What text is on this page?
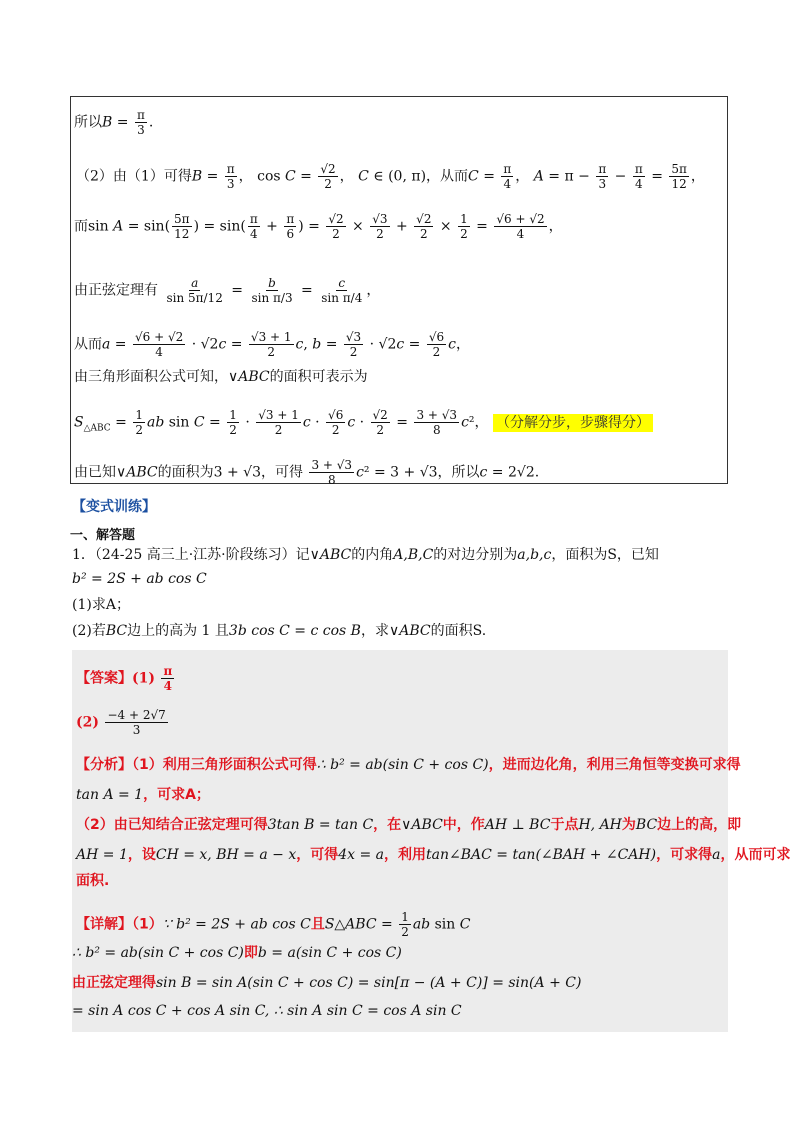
所以$B = \frac{\pi}{3}$ .
（2）由（1）可得$B = \frac{\pi}{3}$ ， $\cos C = \frac{√2}{2}$ ， C ∈ (0, π)，从而$C = \frac{\pi}{4}$ ， $A = \pi - \frac{\pi}{3} - \frac{\pi}{4} = \frac{5\pi}{12}$ ，
而$\sin A = \sin( \frac{5\pi}{12}$ ) = $\sin( \frac{\pi}{4} + \frac{\pi}{6}$ ) = $\frac{√2}{2} \times \frac{√3}{2} + \frac{√2}{2} \times \frac{1}{2} = \frac{√6 + √2}{4}$ ，
由正弦定理有 $\frac{a}{\sin 5\pi/12} = \frac{b}{\text{sin π/3}} = \frac{c}{\text{sin π/4}}$ ，
从而$a = \frac{√6 + √2}{4} \cdot √2c = \frac{√3 + 1}{2} c$, $b = \frac{√3}{2} \cdot √2c = \frac{√6}{2}$ c，
由三角形面积公式可知，∨ABC的面积可表示为
$S_{\triangle ABC} = \frac{1}{2}$ ab $\sin C = \frac{1}{2} \cdot \frac{√3 + 1}{2}$ $c \cdot \frac{√6}{2}$ $c \cdot \frac{√2}{2} = \frac{3 + √3}{8} c^2$， （分解分步，步骤得分）
由已知∨ABC的面积为3 + √3，可得 $\frac{3 + √3}{8} c^2 = 3 + √3$，所以c = 2√2.
【变式训练】
一、解答题
1．（24-25 高三上·江苏·阶段练习）记∨ABC的内角A,B,C的对边分别为a,b,c，面积为S，已知
b² = 2S + ab cos C
(1)求A；
(2)若BC边上的高为 1 且3b cos C = c cos B，求∨ABC的面积S.
【答案】$(1) \frac{\pi}{4}$
$(2) \frac{-4 + 2√7}{3}$
【分析】（1）利用三角形面积公式可得∴ b² = ab(sin C + cos C)，进而边化角，利用三角恒等变换可求得
tan A = 1，可求A；
（2）由已知结合正弦定理可得3tan B = tan C，在∨ABC中，作AH ⊥ BC于点H, AH为BC边上的高，即
AH = 1，设CH = x, BH = a − x，可得4x = a，利用tan∠BAC = tan(∠BAH + ∠CAH)，可求得a，从而可求
面积.
【详解】（1）∵ b² = 2S + ab cos C且S△ABC = $\frac{1}{2}$ ab sin C
∴ b² = ab(sin C + cos C)即b = a(sin C + cos C)
由正弦定理得sin B = sin A(sin C + cos C) = sin[π − (A + C)] = sin(A + C)
= sin A cos C + cos A sin C, ∴ sin A sin C = cos A sin C
